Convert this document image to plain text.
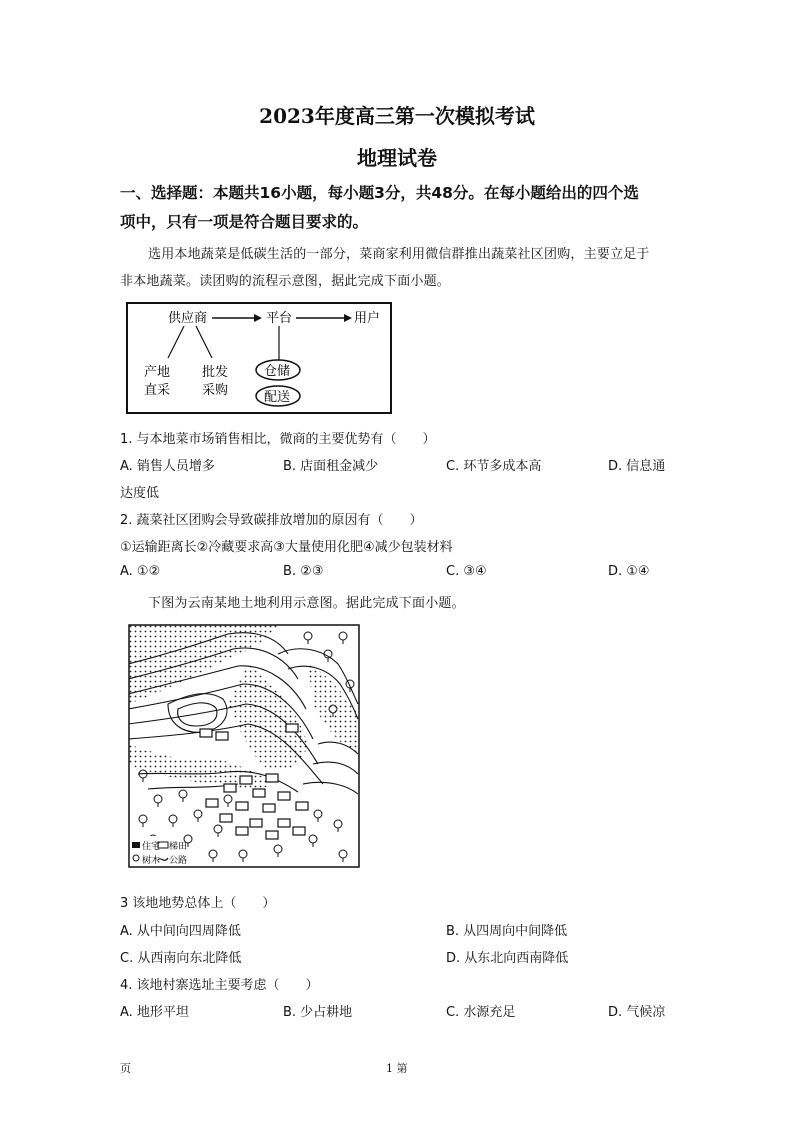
2023年度高三第一次模拟考试
地理试卷
一、选择题：本题共16小题，每小题3分，共48分。在每小题给出的四个选
项中，只有一项是符合题目要求的。
选用本地蔬菜是低碳生活的一部分，菜商家利用微信群推出蔬菜社区团购，主要立足于
非本地蔬菜。读团购的流程示意图，据此完成下面小题。
供应商	平台	用户
产地
直采
批发
采购
仓储
配送
1. 与本地菜市场销售相比，微商的主要优势有（　　）
A. 销售人员增多	B. 店面租金减少	C. 环节多成本高	D. 信息通
达度低
2. 蔬菜社区团购会导致碳排放增加的原因有（　　）
①运输距离长②冷藏要求高③大量使用化肥④减少包装材料
A. ①②	B. ②③	C. ③④	D. ①④
下图为云南某地土地利用示意图。据此完成下面小题。
住宅 梯田
树木 公路
3 该地地势总体上（　　）
A. 从中间向四周降低	B. 从四周向中间降低
C. 从西南向东北降低	D. 从东北向西南降低
4. 该地村寨选址主要考虑（　　）
A. 地形平坦	B. 少占耕地	C. 水源充足	D. 气候凉
页	1 第
